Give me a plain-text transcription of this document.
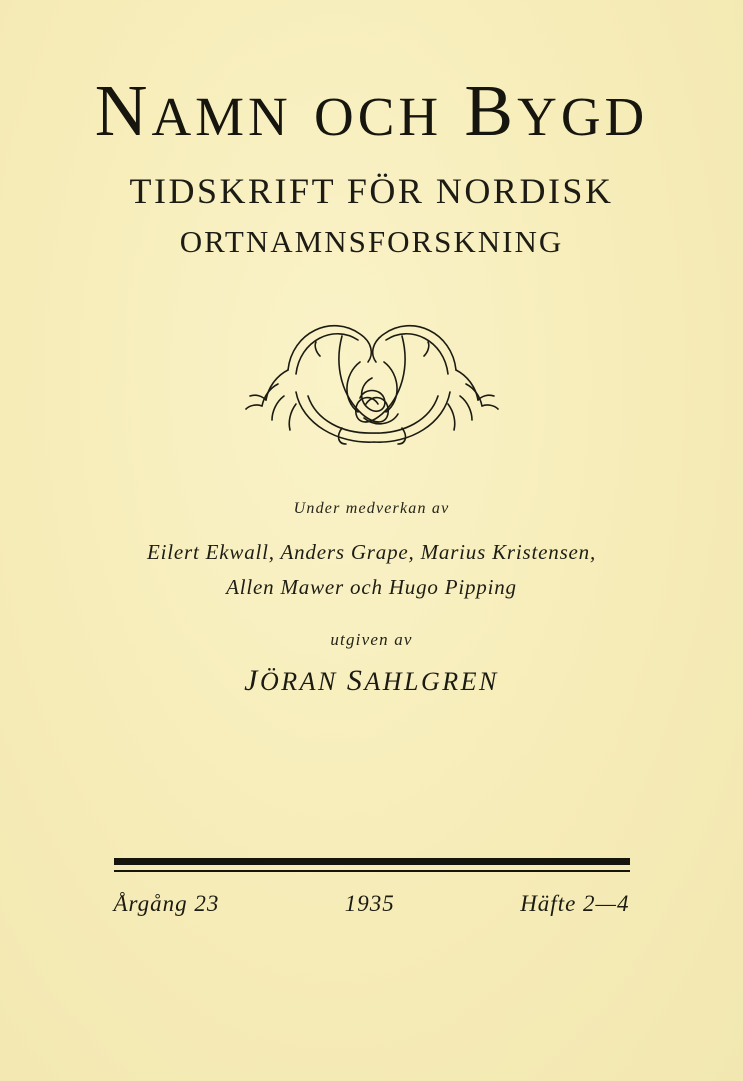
NAMN OCH BYGD
TIDSKRIFT FÖR NORDISK
ORTNAMNSFORSKNING
Under medverkan av
Eilert Ekwall, Anders Grape, Marius Kristensen,
Allen Mawer och Hugo Pipping
utgiven av
JÖRAN SAHLGREN
Årgång 23	1935	Häfte 2—4
